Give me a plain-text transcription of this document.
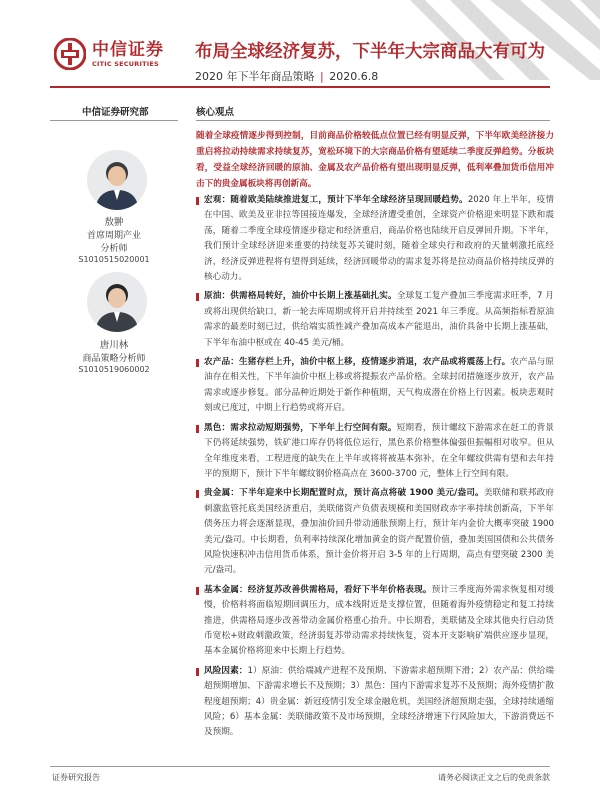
中信证券
CITIC SECURITIES
布局全球经济复苏，下半年大宗商品大有可为
2020 年下半年商品策略 | 2020.6.8
中信证券研究部
敖翀
首席周期产业
分析师
S1010515020001
唐川林
商品策略分析师
S1010519060002
核心观点
随着全球疫情逐步得到控制，目前商品价格较低点位置已经有明显反弹，下半年欧美经济接力重启将拉动持续需求持续复苏，宽松环境下的大宗商品价格有望延续二季度反弹趋势。分板块看，受益全球经济回暖的原油、金属及农产品价格有望出现明显反弹，低利率叠加货币信用冲击下的贵金属板块将再创新高。
宏观：随着欧美陆续推进复工，预计下半年全球经济呈现回暖趋势。2020 年上半年，疫情在中国、欧美及亚非拉等国接连爆发，全球经济遭受重创，全球资产价格迎来明显下跌和震荡，随着二季度全球疫情逐步稳定和经济重启，商品价格也陆续开启反弹回升期。下半年，我们预计全球经济迎来重要的持续复苏关键时刻，随着全球央行和政府的天量刺激托底经济，经济反弹进程将有望得到延续，经济回暖带动的需求复苏将是拉动商品价格持续反弹的核心动力。
原油：供需格局转好，油价中长期上涨基础扎实。全球复工复产叠加三季度需求旺季，7 月或将出现供给缺口，新一轮去库周期或将开启并持续至 2021 年三季度。从高频指标看原油需求的最差时刻已过，供给端实质性减产叠加高成本产能退出，油价具备中长期上涨基础，下半年布油中枢或在 40-45 美元/桶。
农产品：生猪存栏上升，油价中枢上移，疫情逐步消退，农产品或将震荡上行。农产品与原油存在相关性，下半年油价中枢上移或将提振农产品价格。全球封闭措施逐步放开，农产品需求或逐步修复。部分品种近期处于新作种植期，天气构成潜在价格上行因素。板块悲观时刻或已度过，中期上行趋势或将开启。
黑色：需求拉动短期强势，下半年上行空间有限。短期看，预计螺纹下游需求在赶工的背景下仍将延续强势，铁矿港口库存仍将低位运行，黑色系价格整体偏强但振幅相对收窄。但从全年维度来看，工程进度的缺失在上半年或将将被基本弥补，在全年螺纹供需有望和去年持平的预期下，预计下半年螺纹钢价格高点在 3600-3700 元，整体上行空间有限。
贵金属：下半年迎来中长期配置时点，预计高点将破 1900 美元/盎司。美联储和联邦政府刺激监管托底美国经济重启，美联储资产负债表规模和美国财政赤字率持续创新高，下半年债务压力将会逐渐显现，叠加油价回升带动通胀预期上行，预计年内金价大概率突破 1900 美元/盎司。中长期看，负利率持续深化增加黄金的资产配置价值，叠加美国国债和公共债务风险快速积冲击信用货币体系，预计金价将开启 3-5 年的上行周期，高点有望突破 2300 美元/盎司。
基本金属：经济复苏改善供需格局，看好下半年价格表现。预计三季度海外需求恢复相对缓慢，价格料将面临短期回调压力，成本线附近是支撑位置，但随着海外疫情稳定和复工持续推进，供需格局逐步改善带动金属价格重心抬升。中长期看，美联储及全球其他央行启动货币宽松+财政刺激政策，经济弱复苏带动需求持续恢复，资本开支影响矿端供应逐步显现，基本金属价格将迎来中长期上行趋势。
风险因素：1）原油：供给端减产进程不及预期、下游需求超预期下滑；2）农产品：供给端超预期增加、下游需求增长不及预期；3）黑色：国内下游需求复苏不及预期；海外疫情扩散程度超预期；4）贵金属：新冠疫情引发全球金融危机，美国经济超预期走强，全球持续通缩风险；6）基本金属：美联储政策不及市场预期，全球经济增速下行风险加大，下游消费远不及预期。
证券研究报告	请务必阅读正文之后的免责条款
